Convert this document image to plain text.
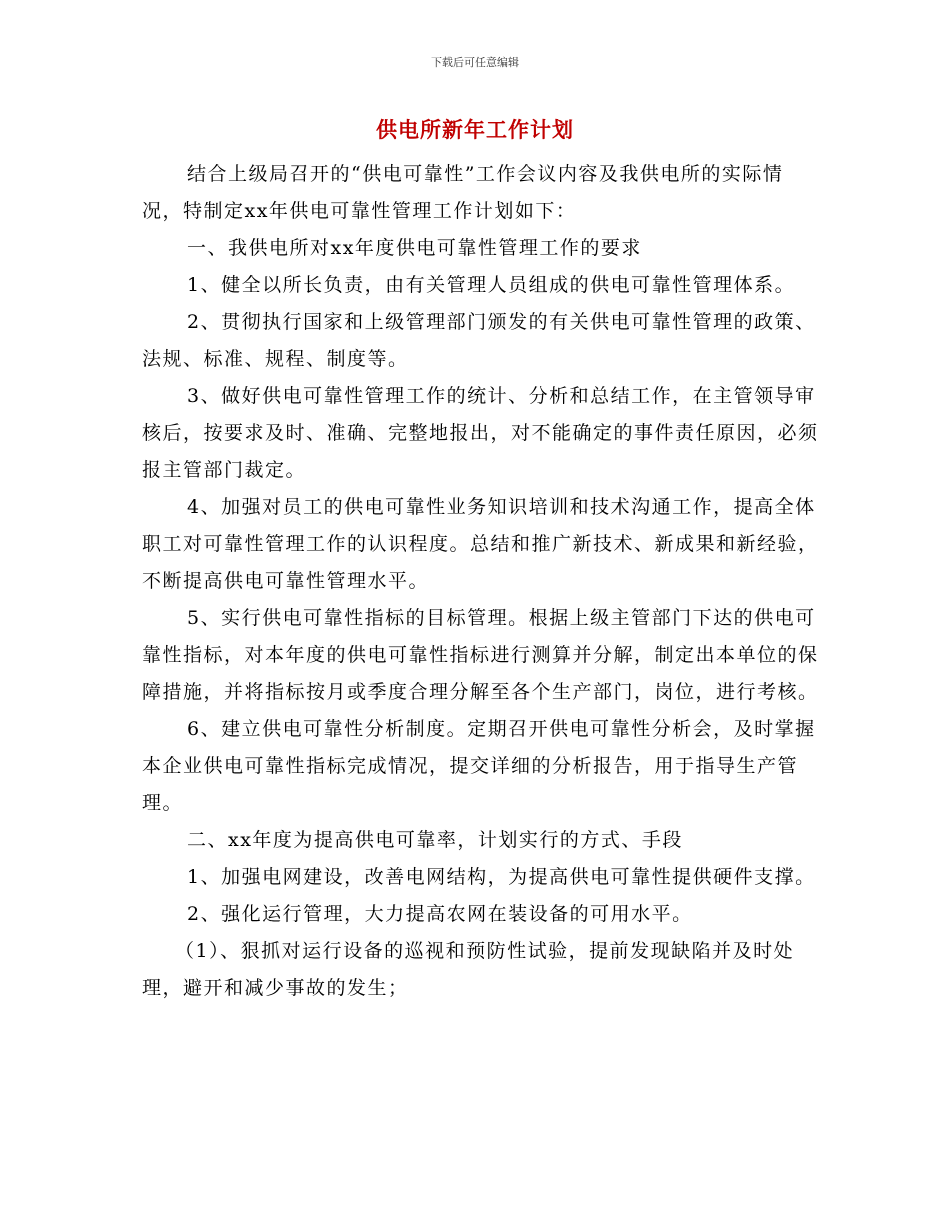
下载后可任意编辑
供电所新年工作计划

结合上级局召开的“供电可靠性”工作会议内容及我供电所的实际情况，特制定xx年供电可靠性管理工作计划如下：

一、我供电所对xx年度供电可靠性管理工作的要求

1、健全以所长负责，由有关管理人员组成的供电可靠性管理体系。

2、贯彻执行国家和上级管理部门颁发的有关供电可靠性管理的政策、法规、标准、规程、制度等。

3、做好供电可靠性管理工作的统计、分析和总结工作，在主管领导审核后，按要求及时、准确、完整地报出，对不能确定的事件责任原因，必须报主管部门裁定。

4、加强对员工的供电可靠性业务知识培训和技术沟通工作，提高全体职工对可靠性管理工作的认识程度。总结和推广新技术、新成果和新经验，不断提高供电可靠性管理水平。

5、实行供电可靠性指标的目标管理。根据上级主管部门下达的供电可靠性指标，对本年度的供电可靠性指标进行测算并分解，制定出本单位的保障措施，并将指标按月或季度合理分解至各个生产部门，岗位，进行考核。

6、建立供电可靠性分析制度。定期召开供电可靠性分析会，及时掌握本企业供电可靠性指标完成情况，提交详细的分析报告，用于指导生产管理。

二、xx年度为提高供电可靠率，计划实行的方式、手段

1、加强电网建设，改善电网结构，为提高供电可靠性提供硬件支撑。

2、强化运行管理，大力提高农网在装设备的可用水平。

（1）、狠抓对运行设备的巡视和预防性试验，提前发现缺陷并及时处理，避开和减少事故的发生；
